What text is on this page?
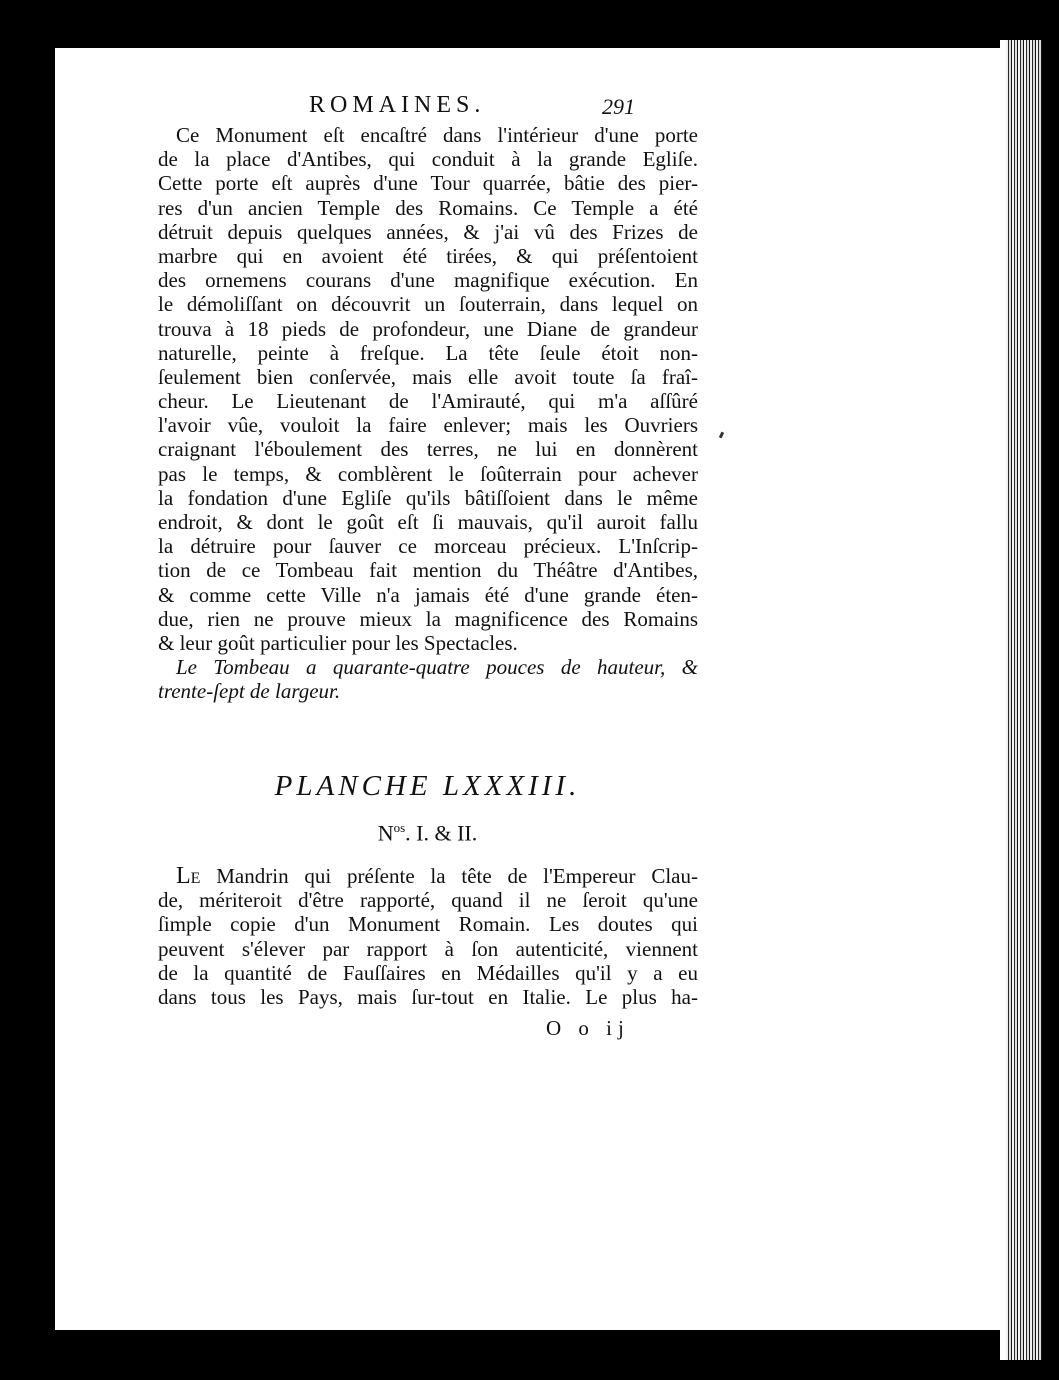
ROMAINES.	291
Ce Monument eſt encaſtré dans l'intérieur d'une porte
de la place d'Antibes, qui conduit à la grande Egliſe.
Cette porte eſt auprès d'une Tour quarrée, bâtie des pier-
res d'un ancien Temple des Romains. Ce Temple a été
détruit depuis quelques années, & j'ai vû des Frizes de
marbre qui en avoient été tirées, & qui préſentoient
des ornemens courans d'une magnifique exécution. En
le démoliſſant on découvrit un ſouterrain, dans lequel on
trouva à 18 pieds de profondeur, une Diane de grandeur
naturelle, peinte à freſque. La tête ſeule étoit non-
ſeulement bien conſervée, mais elle avoit toute ſa fraî-
cheur. Le Lieutenant de l'Amirauté, qui m'a aſſûré
l'avoir vûe, vouloit la faire enlever; mais les Ouvriers
craignant l'éboulement des terres, ne lui en donnèrent
pas le temps, & comblèrent le ſoûterrain pour achever
la fondation d'une Egliſe qu'ils bâtiſſoient dans le même
endroit, & dont le goût eſt ſi mauvais, qu'il auroit fallu
la détruire pour ſauver ce morceau précieux. L'Inſcrip-
tion de ce Tombeau fait mention du Théâtre d'Antibes,
& comme cette Ville n'a jamais été d'une grande éten-
due, rien ne prouve mieux la magnificence des Romains
& leur goût particulier pour les Spectacles.
Le Tombeau a quarante-quatre pouces de hauteur, &
trente-ſept de largeur.
PLANCHE LXXXIII.
$N^{os}$. I. & II.
LE Mandrin qui préſente la tête de l'Empereur Clau-
de, mériteroit d'être rapporté, quand il ne ſeroit qu'une
ſimple copie d'un Monument Romain. Les doutes qui
peuvent s'élever par rapport à ſon autenticité, viennent
de la quantité de Fauſſaires en Médailles qu'il y a eu
dans tous les Pays, mais ſur-tout en Italie. Le plus ha-
O o ij
